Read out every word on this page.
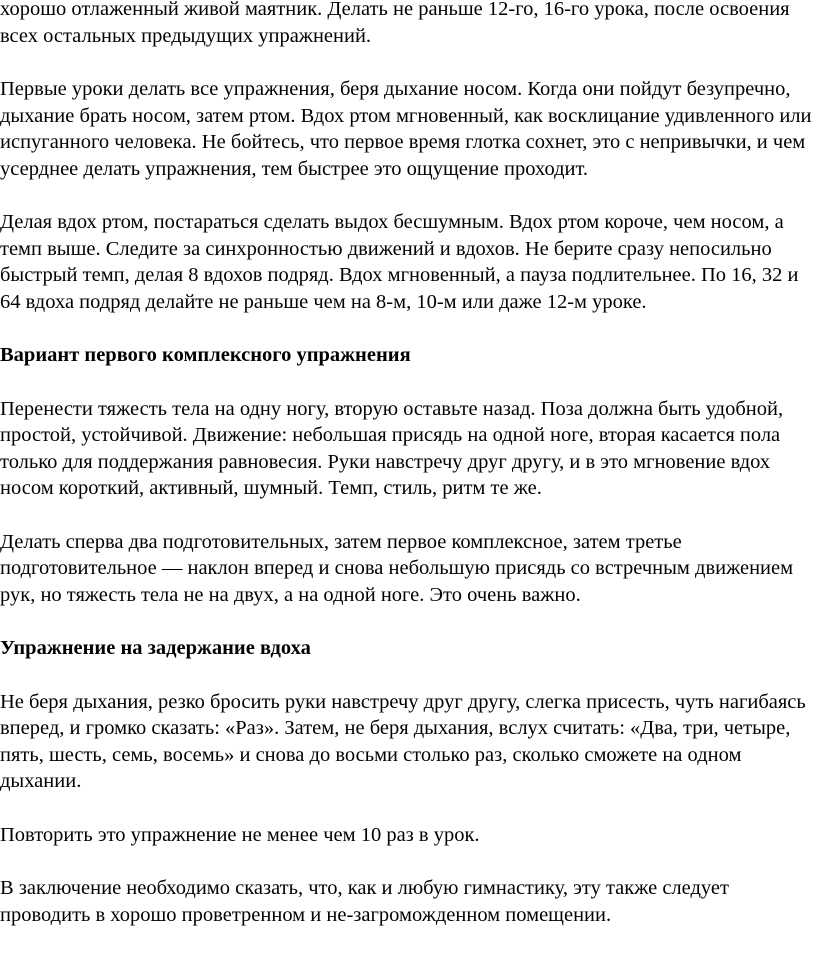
хорошо отлаженный живой маятник. Делать не раньше 12-го, 16-го урока, после освоения всех остальных предыдущих упражнений.

Первые уроки делать все упражнения, беря дыхание носом. Когда они пойдут безупречно, дыхание брать носом, затем ртом. Вдох ртом мгновенный, как восклицание удивленного или испуганного человека. Не бойтесь, что первое время глотка сохнет, это с непривычки, и чем усерднее делать упражнения, тем быстрее это ощущение проходит.

Делая вдох ртом, постараться сделать выдох бесшумным. Вдох ртом короче, чем носом, а темп выше. Следите за синхронностью движений и вдохов. Не берите сразу непосильно быстрый темп, делая 8 вдохов подряд. Вдох мгновенный, а пауза подлительнее. По 16, 32 и 64 вдоха подряд делайте не раньше чем на 8-м, 10-м или даже 12-м уроке.

Вариант первого комплексного упражнения

Перенести тяжесть тела на одну ногу, вторую оставьте назад. Поза должна быть удобной, простой, устойчивой. Движение: небольшая присядь на одной ноге, вторая касается пола только для поддержания равновесия. Руки навстречу друг другу, и в это мгновение вдох носом короткий, активный, шумный. Темп, стиль, ритм те же.

Делать сперва два подготовительных, затем первое комплексное, затем третье подготовительное — наклон вперед и снова небольшую присядь со встречным движением рук, но тяжесть тела не на двух, а на одной ноге. Это очень важно.

Упражнение на задержание вдоха

Не беря дыхания, резко бросить руки навстречу друг другу, слегка присесть, чуть нагибаясь вперед, и громко сказать: «Раз». Затем, не беря дыхания, вслух считать: «Два, три, четыре, пять, шесть, семь, восемь» и снова до восьми столько раз, сколько сможете на одном дыхании.

Повторить это упражнение не менее чем 10 раз в урок.

В заключение необходимо сказать, что, как и любую гимнастику, эту также следует проводить в хорошо проветренном и не-загроможденном помещении.
